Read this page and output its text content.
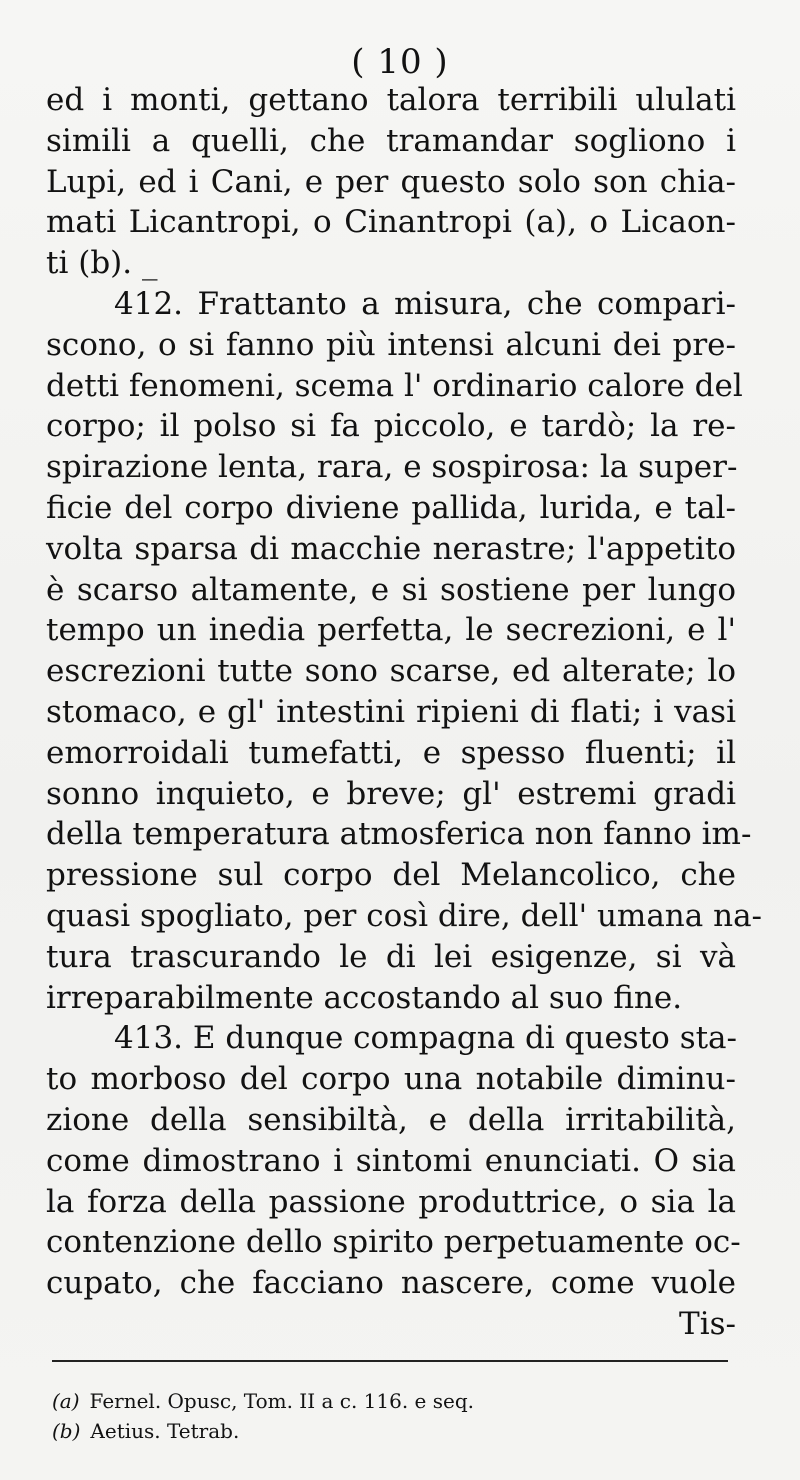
( 10 )
ed i monti, gettano talora terribili ululati
simili a quelli, che tramandar sogliono i
Lupi, ed i Cani, e per questo solo son chia-
mati Licantropi, o Cinantropi (a), o Licaon-
ti (b). _
412. Frattanto a misura, che compari-
scono, o si fanno più intensi alcuni dei pre-
detti fenomeni, scema l' ordinario calore del
corpo; il polso si fa piccolo, e tardò; la re-
spirazione lenta, rara, e sospirosa: la super-
ficie del corpo diviene pallida, lurida, e tal-
volta sparsa di macchie nerastre; l'appetito
è scarso altamente, e si sostiene per lungo
tempo un inedia perfetta, le secrezioni, e l'
escrezioni tutte sono scarse, ed alterate; lo
stomaco, e gl' intestini ripieni di flati; i vasi
emorroidali tumefatti, e spesso fluenti; il
sonno inquieto, e breve; gl' estremi gradi
della temperatura atmosferica non fanno im-
pressione sul corpo del Melancolico, che
quasi spogliato, per così dire, dell' umana na-
tura trascurando le di lei esigenze, si và
irreparabilmente accostando al suo fine.
413. E dunque compagna di questo sta-
to morboso del corpo una notabile diminu-
zione della sensibiltà, e della irritabilità,
come dimostrano i sintomi enunciati. O sia
la forza della passione produttrice, o sia la
contenzione dello spirito perpetuamente oc-
cupato, che facciano nascere, come vuole
Tis-
(a) Fernel. Opusc, Tom. II a c. 116. e seq.
(b) Aetius. Tetrab.
